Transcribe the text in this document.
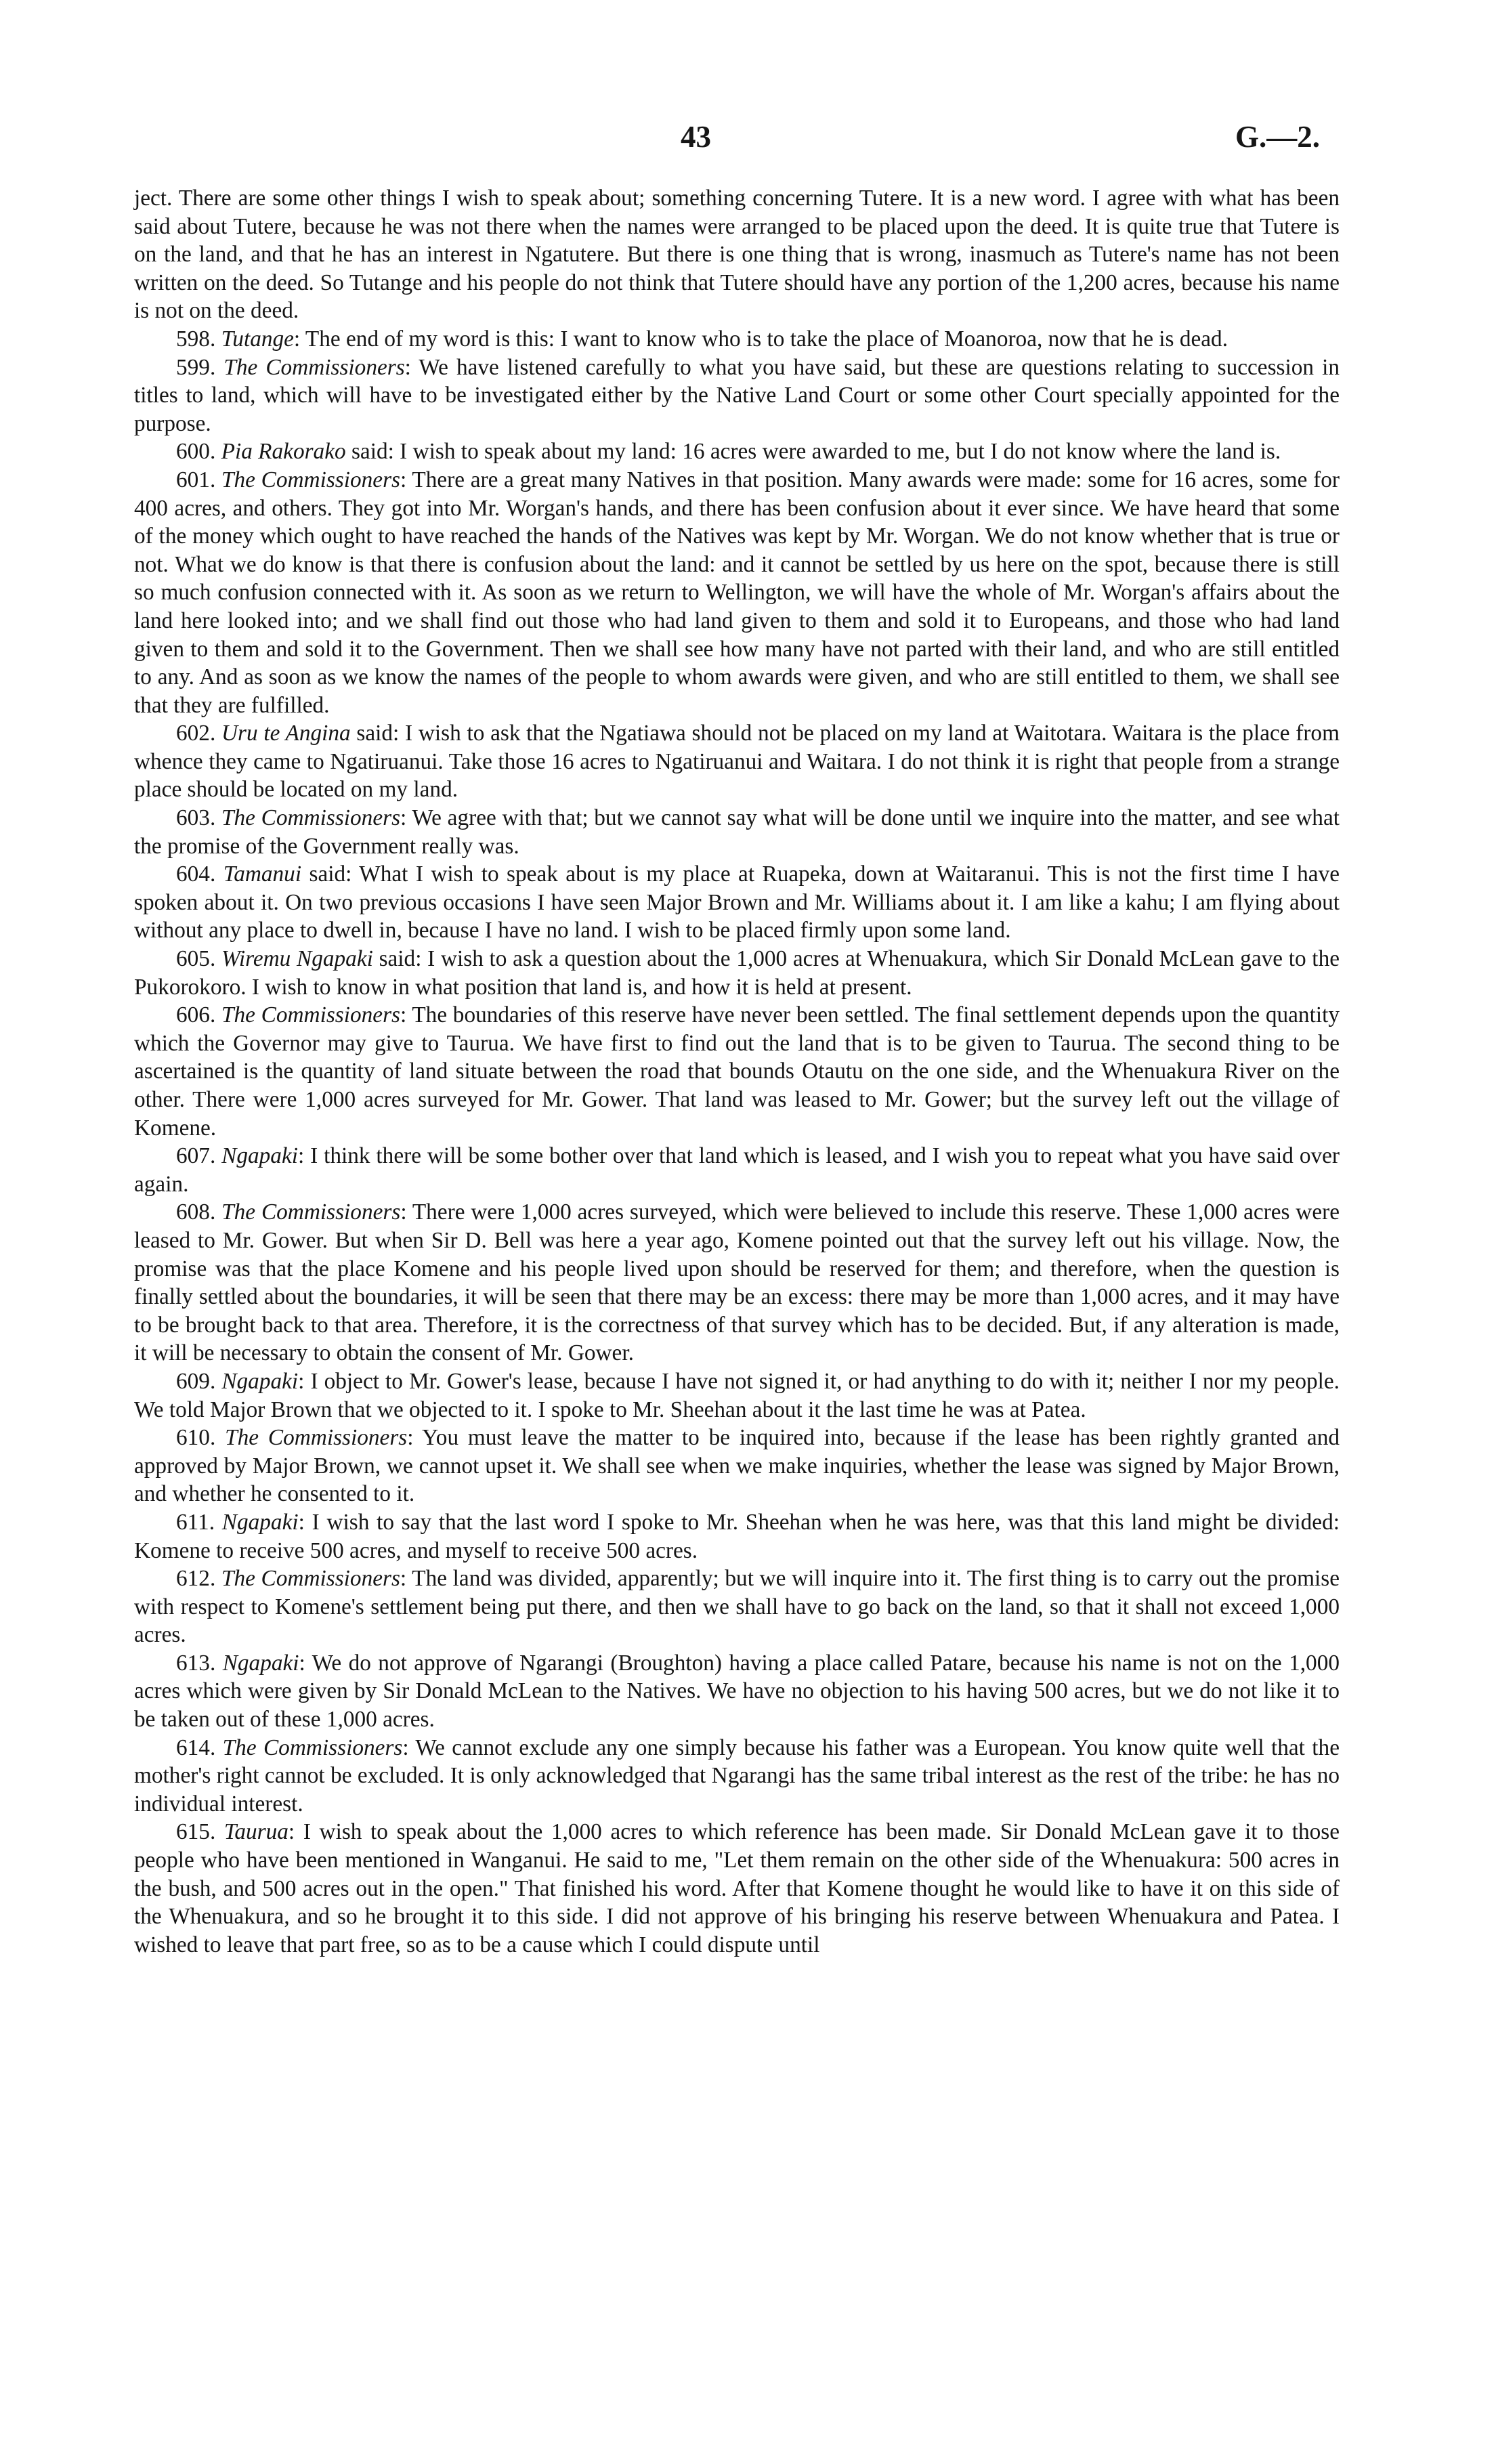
43	G.—2.

ject. There are some other things I wish to speak about; something concerning Tutere. It is a new word. I agree with what has been said about Tutere, because he was not there when the names were arranged to be placed upon the deed. It is quite true that Tutere is on the land, and that he has an interest in Ngatutere. But there is one thing that is wrong, inasmuch as Tutere's name has not been written on the deed. So Tutange and his people do not think that Tutere should have any portion of the 1,200 acres, because his name is not on the deed.

598. Tutange: The end of my word is this: I want to know who is to take the place of Moanoroa, now that he is dead.

599. The Commissioners: We have listened carefully to what you have said, but these are questions relating to succession in titles to land, which will have to be investigated either by the Native Land Court or some other Court specially appointed for the purpose.

600. Pia Rakorako said: I wish to speak about my land: 16 acres were awarded to me, but I do not know where the land is.

601. The Commissioners: There are a great many Natives in that position. Many awards were made: some for 16 acres, some for 400 acres, and others. They got into Mr. Worgan's hands, and there has been confusion about it ever since. We have heard that some of the money which ought to have reached the hands of the Natives was kept by Mr. Worgan. We do not know whether that is true or not. What we do know is that there is confusion about the land: and it cannot be settled by us here on the spot, because there is still so much confusion connected with it. As soon as we return to Wellington, we will have the whole of Mr. Worgan's affairs about the land here looked into; and we shall find out those who had land given to them and sold it to Europeans, and those who had land given to them and sold it to the Government. Then we shall see how many have not parted with their land, and who are still entitled to any. And as soon as we know the names of the people to whom awards were given, and who are still entitled to them, we shall see that they are fulfilled.

602. Uru te Angina said: I wish to ask that the Ngatiawa should not be placed on my land at Waitotara. Waitara is the place from whence they came to Ngatiruanui. Take those 16 acres to Ngatiruanui and Waitara. I do not think it is right that people from a strange place should be located on my land.

603. The Commissioners: We agree with that; but we cannot say what will be done until we inquire into the matter, and see what the promise of the Government really was.

604. Tamanui said: What I wish to speak about is my place at Ruapeka, down at Waitaranui. This is not the first time I have spoken about it. On two previous occasions I have seen Major Brown and Mr. Williams about it. I am like a kahu; I am flying about without any place to dwell in, because I have no land. I wish to be placed firmly upon some land.

605. Wiremu Ngapaki said: I wish to ask a question about the 1,000 acres at Whenuakura, which Sir Donald McLean gave to the Pukorokoro. I wish to know in what position that land is, and how it is held at present.

606. The Commissioners: The boundaries of this reserve have never been settled. The final settlement depends upon the quantity which the Governor may give to Taurua. We have first to find out the land that is to be given to Taurua. The second thing to be ascertained is the quantity of land situate between the road that bounds Otautu on the one side, and the Whenuakura River on the other. There were 1,000 acres surveyed for Mr. Gower. That land was leased to Mr. Gower; but the survey left out the village of Komene.

607. Ngapaki: I think there will be some bother over that land which is leased, and I wish you to repeat what you have said over again.

608. The Commissioners: There were 1,000 acres surveyed, which were believed to include this reserve. These 1,000 acres were leased to Mr. Gower. But when Sir D. Bell was here a year ago, Komene pointed out that the survey left out his village. Now, the promise was that the place Komene and his people lived upon should be reserved for them; and therefore, when the question is finally settled about the boundaries, it will be seen that there may be an excess: there may be more than 1,000 acres, and it may have to be brought back to that area. Therefore, it is the correctness of that survey which has to be decided. But, if any alteration is made, it will be necessary to obtain the consent of Mr. Gower.

609. Ngapaki: I object to Mr. Gower's lease, because I have not signed it, or had anything to do with it; neither I nor my people. We told Major Brown that we objected to it. I spoke to Mr. Sheehan about it the last time he was at Patea.

610. The Commissioners: You must leave the matter to be inquired into, because if the lease has been rightly granted and approved by Major Brown, we cannot upset it. We shall see when we make inquiries, whether the lease was signed by Major Brown, and whether he consented to it.

611. Ngapaki: I wish to say that the last word I spoke to Mr. Sheehan when he was here, was that this land might be divided: Komene to receive 500 acres, and myself to receive 500 acres.

612. The Commissioners: The land was divided, apparently; but we will inquire into it. The first thing is to carry out the promise with respect to Komene's settlement being put there, and then we shall have to go back on the land, so that it shall not exceed 1,000 acres.

613. Ngapaki: We do not approve of Ngarangi (Broughton) having a place called Patare, because his name is not on the 1,000 acres which were given by Sir Donald McLean to the Natives. We have no objection to his having 500 acres, but we do not like it to be taken out of these 1,000 acres.

614. The Commissioners: We cannot exclude any one simply because his father was a European. You know quite well that the mother's right cannot be excluded. It is only acknowledged that Ngarangi has the same tribal interest as the rest of the tribe: he has no individual interest.

615. Taurua: I wish to speak about the 1,000 acres to which reference has been made. Sir Donald McLean gave it to those people who have been mentioned in Wanganui. He said to me, "Let them remain on the other side of the Whenuakura: 500 acres in the bush, and 500 acres out in the open." That finished his word. After that Komene thought he would like to have it on this side of the Whenuakura, and so he brought it to this side. I did not approve of his bringing his reserve between Whenuakura and Patea. I wished to leave that part free, so as to be a cause which I could dispute until
